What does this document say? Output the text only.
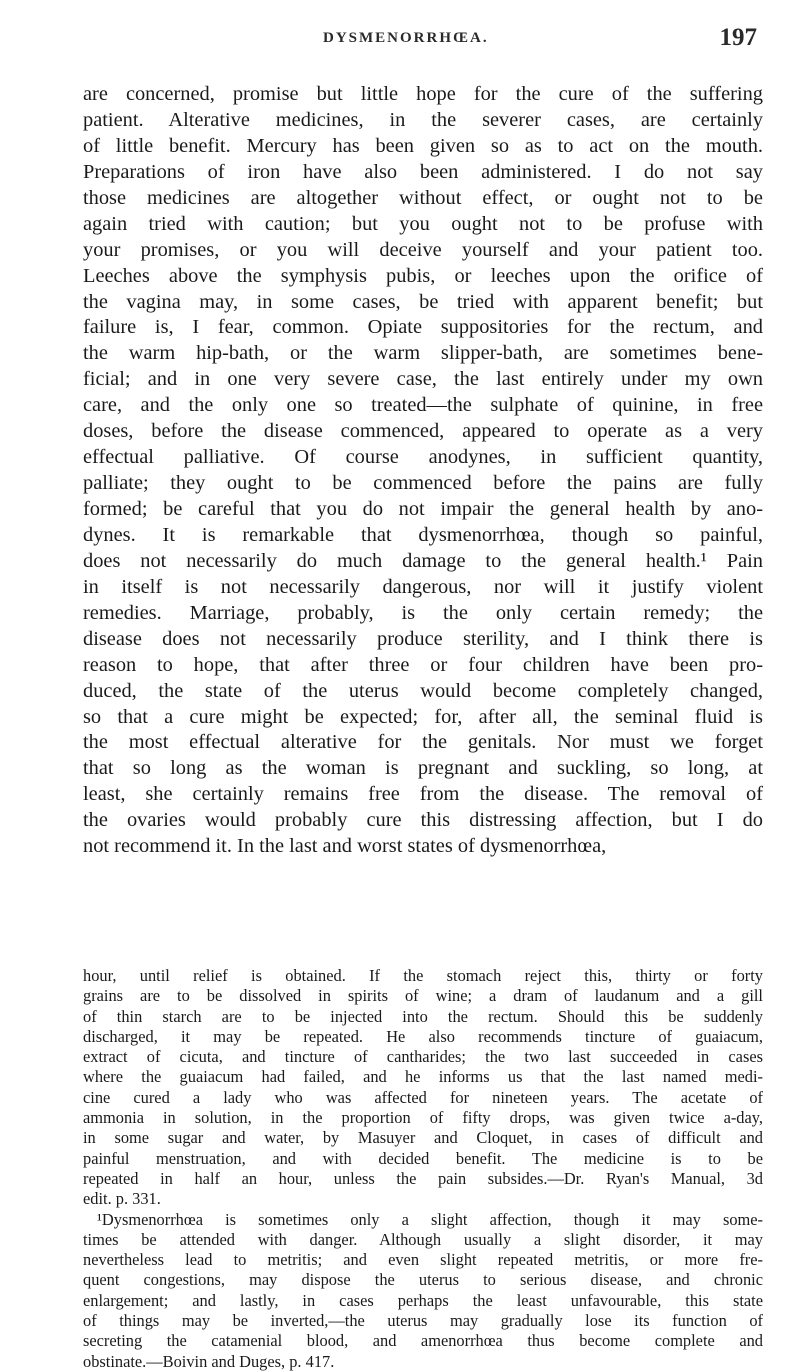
DYSMENORRHŒA.	197
are concerned, promise but little hope for the cure of the suffering
patient. Alterative medicines, in the severer cases, are certainly
of little benefit. Mercury has been given so as to act on the mouth.
Preparations of iron have also been administered. I do not say
those medicines are altogether without effect, or ought not to be
again tried with caution; but you ought not to be profuse with
your promises, or you will deceive yourself and your patient too.
Leeches above the symphysis pubis, or leeches upon the orifice of
the vagina may, in some cases, be tried with apparent benefit; but
failure is, I fear, common. Opiate suppositories for the rectum, and
the warm hip-bath, or the warm slipper-bath, are sometimes bene-
ficial; and in one very severe case, the last entirely under my own
care, and the only one so treated—the sulphate of quinine, in free
doses, before the disease commenced, appeared to operate as a very
effectual palliative. Of course anodynes, in sufficient quantity,
palliate; they ought to be commenced before the pains are fully
formed; be careful that you do not impair the general health by ano-
dynes. It is remarkable that dysmenorrhœa, though so painful,
does not necessarily do much damage to the general health.¹ Pain
in itself is not necessarily dangerous, nor will it justify violent
remedies. Marriage, probably, is the only certain remedy; the
disease does not necessarily produce sterility, and I think there is
reason to hope, that after three or four children have been pro-
duced, the state of the uterus would become completely changed,
so that a cure might be expected; for, after all, the seminal fluid is
the most effectual alterative for the genitals. Nor must we forget
that so long as the woman is pregnant and suckling, so long, at
least, she certainly remains free from the disease. The removal of
the ovaries would probably cure this distressing affection, but I do
not recommend it. In the last and worst states of dysmenorrhœa,
hour, until relief is obtained. If the stomach reject this, thirty or forty
grains are to be dissolved in spirits of wine; a dram of laudanum and a gill
of thin starch are to be injected into the rectum. Should this be suddenly
discharged, it may be repeated. He also recommends tincture of guaiacum,
extract of cicuta, and tincture of cantharides; the two last succeeded in cases
where the guaiacum had failed, and he informs us that the last named medi-
cine cured a lady who was affected for nineteen years. The acetate of
ammonia in solution, in the proportion of fifty drops, was given twice a-day,
in some sugar and water, by Masuyer and Cloquet, in cases of difficult and
painful menstruation, and with decided benefit. The medicine is to be
repeated in half an hour, unless the pain subsides.—Dr. Ryan's Manual, 3d
edit. p. 331.
¹Dysmenorrhœa is sometimes only a slight affection, though it may some-
times be attended with danger. Although usually a slight disorder, it may
nevertheless lead to metritis; and even slight repeated metritis, or more fre-
quent congestions, may dispose the uterus to serious disease, and chronic
enlargement; and lastly, in cases perhaps the least unfavourable, this state
of things may be inverted,—the uterus may gradually lose its function of
secreting the catamenial blood, and amenorrhœa thus become complete and
obstinate.—Boivin and Duges, p. 417.
